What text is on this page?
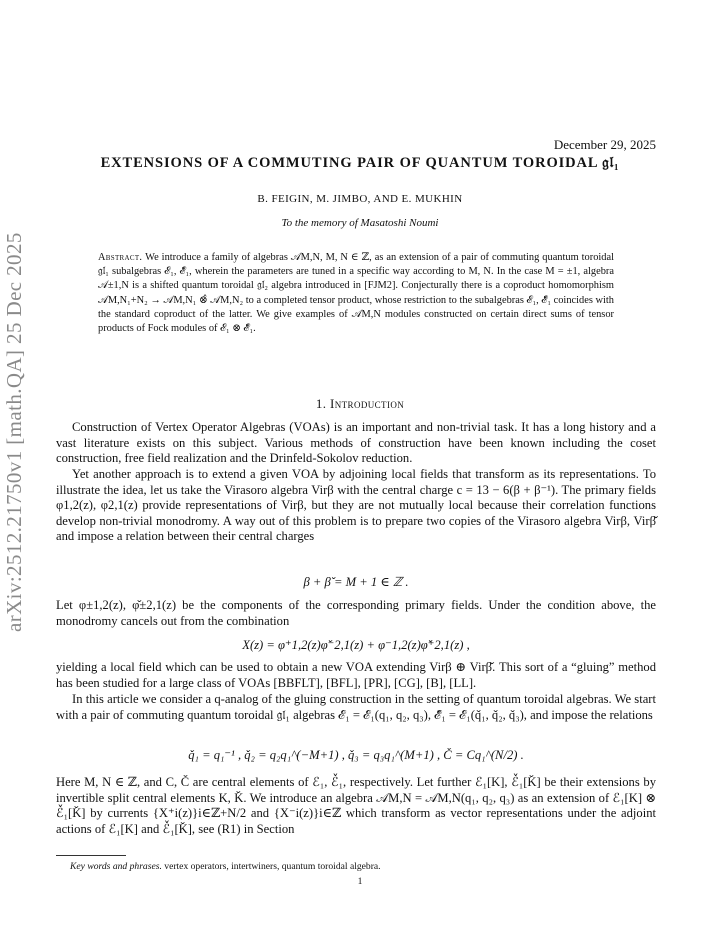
arXiv:2512.21750v1 [math.QA] 25 Dec 2025
December 29, 2025
EXTENSIONS OF A COMMUTING PAIR OF QUANTUM TOROIDAL 𝔤𝔩₁
B. FEIGIN, M. JIMBO, AND E. MUKHIN
To the memory of Masatoshi Noumi
Abstract. We introduce a family of algebras 𝒜M,N, M, N ∈ ℤ, as an extension of a pair of commuting quantum toroidal 𝔤𝔩₁ subalgebras ℰ₁, ℰ̌₁, wherein the parameters are tuned in a specific way according to M, N. In the case M = ±1, algebra 𝒜±1,N is a shifted quantum toroidal 𝔤𝔩₂ algebra introduced in [FJM2]. Conjecturally there is a coproduct homomorphism 𝒜M,N₁+N₂ → 𝒜M,N₁ ⊗̂ 𝒜M,N₂ to a completed tensor product, whose restriction to the subalgebras ℰ₁, ℰ̌₁ coincides with the standard coproduct of the latter. We give examples of 𝒜M,N modules constructed on certain direct sums of tensor products of Fock modules of ℰ₁ ⊗ ℰ̌₁.
1. Introduction
Construction of Vertex Operator Algebras (VOAs) is an important and non-trivial task. It has a long history and a vast literature exists on this subject. Various methods of construction have been known including the coset construction, free field realization and the Drinfeld-Sokolov reduction.
Yet another approach is to extend a given VOA by adjoining local fields that transform as its representations. To illustrate the idea, let us take the Virasoro algebra Virβ with the central charge c = 13 − 6(β + β⁻¹). The primary fields φ1,2(z), φ2,1(z) provide representations of Virβ, but they are not mutually local because their correlation functions develop non-trivial monodromy. A way out of this problem is to prepare two copies of the Virasoro algebra Virβ, Virβ̌ and impose a relation between their central charges
β + β̌ = M + 1 ∈ ℤ .
Let φ±1,2(z), φ̌±2,1(z) be the components of the corresponding primary fields. Under the condition above, the monodromy cancels out from the combination
X(z) = φ⁺1,2(z)φ̌⁻2,1(z) + φ⁻1,2(z)φ̌⁺2,1(z) ,
yielding a local field which can be used to obtain a new VOA extending Virβ ⊕ Virβ̌. This sort of a “gluing” method has been studied for a large class of VOAs [BBFLT], [BFL], [PR], [CG], [B], [LL].
In this article we consider a q-analog of the gluing construction in the setting of quantum toroidal algebras. We start with a pair of commuting quantum toroidal 𝔤𝔩₁ algebras ℰ₁ = ℰ₁(q₁, q₂, q₃), ℰ̌₁ = ℰ₁(q̌₁, q̌₂, q̌₃), and impose the relations
q̌₁ = q₁⁻¹ , q̌₂ = q₂q₁^(−M+1) , q̌₃ = q₃q₁^(M+1) , Č = Cq₁^(N/2) .
Here M, N ∈ ℤ, and C, Č are central elements of ℰ₁, ℰ̌₁, respectively. Let further ℰ₁[K], ℰ̌₁[Ǩ] be their extensions by invertible split central elements K, Ǩ. We introduce an algebra 𝒜M,N = 𝒜M,N(q₁, q₂, q₃) as an extension of ℰ₁[K] ⊗ ℰ̌₁[Ǩ] by currents {X⁺i(z)}i∈ℤ+N/2 and {X⁻i(z)}i∈ℤ which transform as vector representations under the adjoint actions of ℰ₁[K] and ℰ̌₁[Ǩ], see (R1) in Section
Key words and phrases. vertex operators, intertwiners, quantum toroidal algebra.
1
